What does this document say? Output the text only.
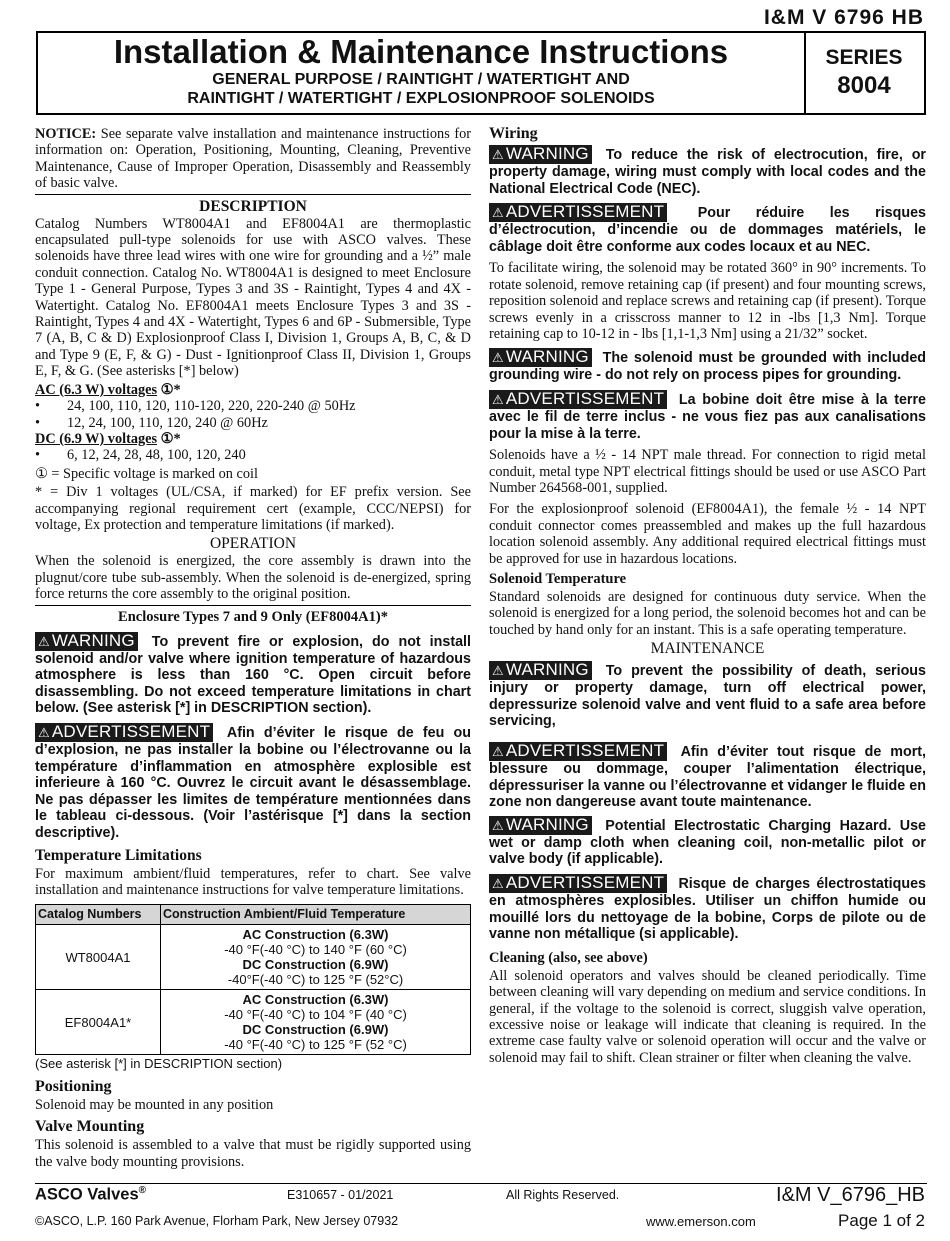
I&M V 6796 HB
Installation & Maintenance Instructions
GENERAL PURPOSE / RAINTIGHT / WATERTIGHT AND
RAINTIGHT / WATERTIGHT / EXPLOSIONPROOF SOLENOIDS
SERIES
8004

NOTICE: See separate valve installation and maintenance instructions for information on: Operation, Positioning, Mounting, Cleaning, Preventive Maintenance, Cause of Improper Operation, Disassembly and Reassembly of basic valve.

DESCRIPTION

Catalog Numbers WT8004A1 and EF8004A1 are thermoplastic encapsulated pull-type solenoids for use with ASCO valves. These solenoids have three lead wires with one wire for grounding and a ½” male conduit connection. Catalog No. WT8004A1 is designed to meet Enclosure Type 1 - General Purpose, Types 3 and 3S - Raintight, Types 4 and 4X - Watertight. Catalog No. EF8004A1 meets Enclosure Types 3 and 3S - Raintight, Types 4 and 4X - Watertight, Types 6 and 6P - Submersible, Type 7 (A, B, C & D) Explosionproof Class I, Division 1, Groups A, B, C, & D and Type 9 (E, F, & G) - Dust - Ignitionproof Class II, Division 1, Groups E, F, & G. (See asterisks [*] below)

AC (6.3 W) voltages ①*
• 24, 100, 110, 120, 110-120, 220, 220-240 @ 50Hz
• 12, 24, 100, 110, 120, 240 @ 60Hz
DC (6.9 W) voltages ①*
• 6, 12, 24, 28, 48, 100, 120, 240

① = Specific voltage is marked on coil

* = Div 1 voltages (UL/CSA, if marked) for EF prefix version. See accompanying regional requirement cert (example, CCC/NEPSI) for voltage, Ex protection and temperature limitations (if marked).

OPERATION

When the solenoid is energized, the core assembly is drawn into the plugnut/core tube sub-assembly. When the solenoid is de-energized, spring force returns the core assembly to the original position.

Enclosure Types 7 and 9 Only (EF8004A1)*
⚠ WARNING To prevent fire or explosion, do not install solenoid and/or valve where ignition temperature of hazardous atmosphere is less than 160 °C. Open circuit before disassembling. Do not exceed temperature limitations in chart below. (See asterisk [*] in DESCRIPTION section).
⚠ ADVERTISSEMENT Afin d’éviter le risque de feu ou d’explosion, ne pas installer la bobine ou l’électrovanne ou la température d’inflammation en atmosphère explosible est inferieure à 160 °C. Ouvrez le circuit avant le désassemblage. Ne pas dépasser les limites de température mentionnées dans le tableau ci-dessous. (Voir l’astérisque [*] dans la section descriptive).
Temperature Limitations

For maximum ambient/fluid temperatures, refer to chart. See valve installation and maintenance instructions for valve temperature limitations.

Catalog Numbers	Construction Ambient/Fluid Temperature
WT8004A1	AC Construction (6.3W)
-40 °F(-40 °C) to 140 °F (60 °C)
DC Construction (6.9W)
-40°F(-40 °C) to 125 °F (52°C)

EF8004A1*	AC Construction (6.3W)
-40 °F(-40 °C) to 104 °F (40 °C)
DC Construction (6.9W)
-40 °F(-40 °C) to 125 °F (52 °C)
(See asterisk [*] in DESCRIPTION section)
Positioning

Solenoid may be mounted in any position

Valve Mounting

This solenoid is assembled to a valve that must be rigidly supported using the valve body mounting provisions.

Wiring
⚠ WARNING To reduce the risk of electrocution, fire, or property damage, wiring must comply with local codes and the National Electrical Code (NEC).
⚠ ADVERTISSEMENT Pour réduire les risques d’électrocution, d’incendie ou de dommages matériels, le câblage doit être conforme aux codes locaux et au NEC.

To facilitate wiring, the solenoid may be rotated 360° in 90° increments. To rotate solenoid, remove retaining cap (if present) and four mounting screws, reposition solenoid and replace screws and retaining cap (if present). Torque screws evenly in a crisscross manner to 12 in -lbs [1,3 Nm]. Torque retaining cap to 10-12 in - lbs [1,1-1,3 Nm] using a 21/32” socket.

⚠ WARNING The solenoid must be grounded with included grounding wire - do not rely on process pipes for grounding.
⚠ ADVERTISSEMENT La bobine doit être mise à la terre avec le fil de terre inclus - ne vous fiez pas aux canalisations pour la mise à la terre.

Solenoids have a ½ - 14 NPT male thread. For connection to rigid metal conduit, metal type NPT electrical fittings should be used or use ASCO Part Number 264568-001, supplied.

For the explosionproof solenoid (EF8004A1), the female ½ - 14 NPT conduit connector comes preassembled and makes up the full hazardous location solenoid assembly. Any additional required electrical fittings must be approved for use in hazardous locations.

Solenoid Temperature

Standard solenoids are designed for continuous duty service. When the solenoid is energized for a long period, the solenoid becomes hot and can be touched by hand only for an instant. This is a safe operating temperature.

MAINTENANCE
⚠ WARNING To prevent the possibility of death, serious injury or property damage, turn off electrical power, depressurize solenoid valve and vent fluid to a safe area before servicing,
⚠ ADVERTISSEMENT Afin d’éviter tout risque de mort, blessure ou dommage, couper l’alimentation électrique, dépressuriser la vanne ou l’électrovanne et vidanger le fluide en zone non dangereuse avant toute maintenance.
⚠ WARNING Potential Electrostatic Charging Hazard. Use wet or damp cloth when cleaning coil, non-metallic pilot or valve body (if applicable).
⚠ ADVERTISSEMENT Risque de charges électrostatiques en atmosphères explosibles. Utiliser un chiffon humide ou mouillé lors du nettoyage de la bobine, Corps de pilote ou de vanne non métallique (si applicable).
Cleaning (also, see above)

All solenoid operators and valves should be cleaned periodically. Time between cleaning will vary depending on medium and service conditions. In general, if the voltage to the solenoid is correct, sluggish valve operation, excessive noise or leakage will indicate that cleaning is required. In the extreme case faulty valve or solenoid operation will occur and the valve or solenoid may fail to shift. Clean strainer or filter when cleaning the valve.

ASCO Valves®	E310657 - 01/2021	All Rights Reserved.	I&M V_6796_HB
©ASCO, L.P. 160 Park Avenue, Florham Park, New Jersey 07932	www.emerson.com	Page 1 of 2
